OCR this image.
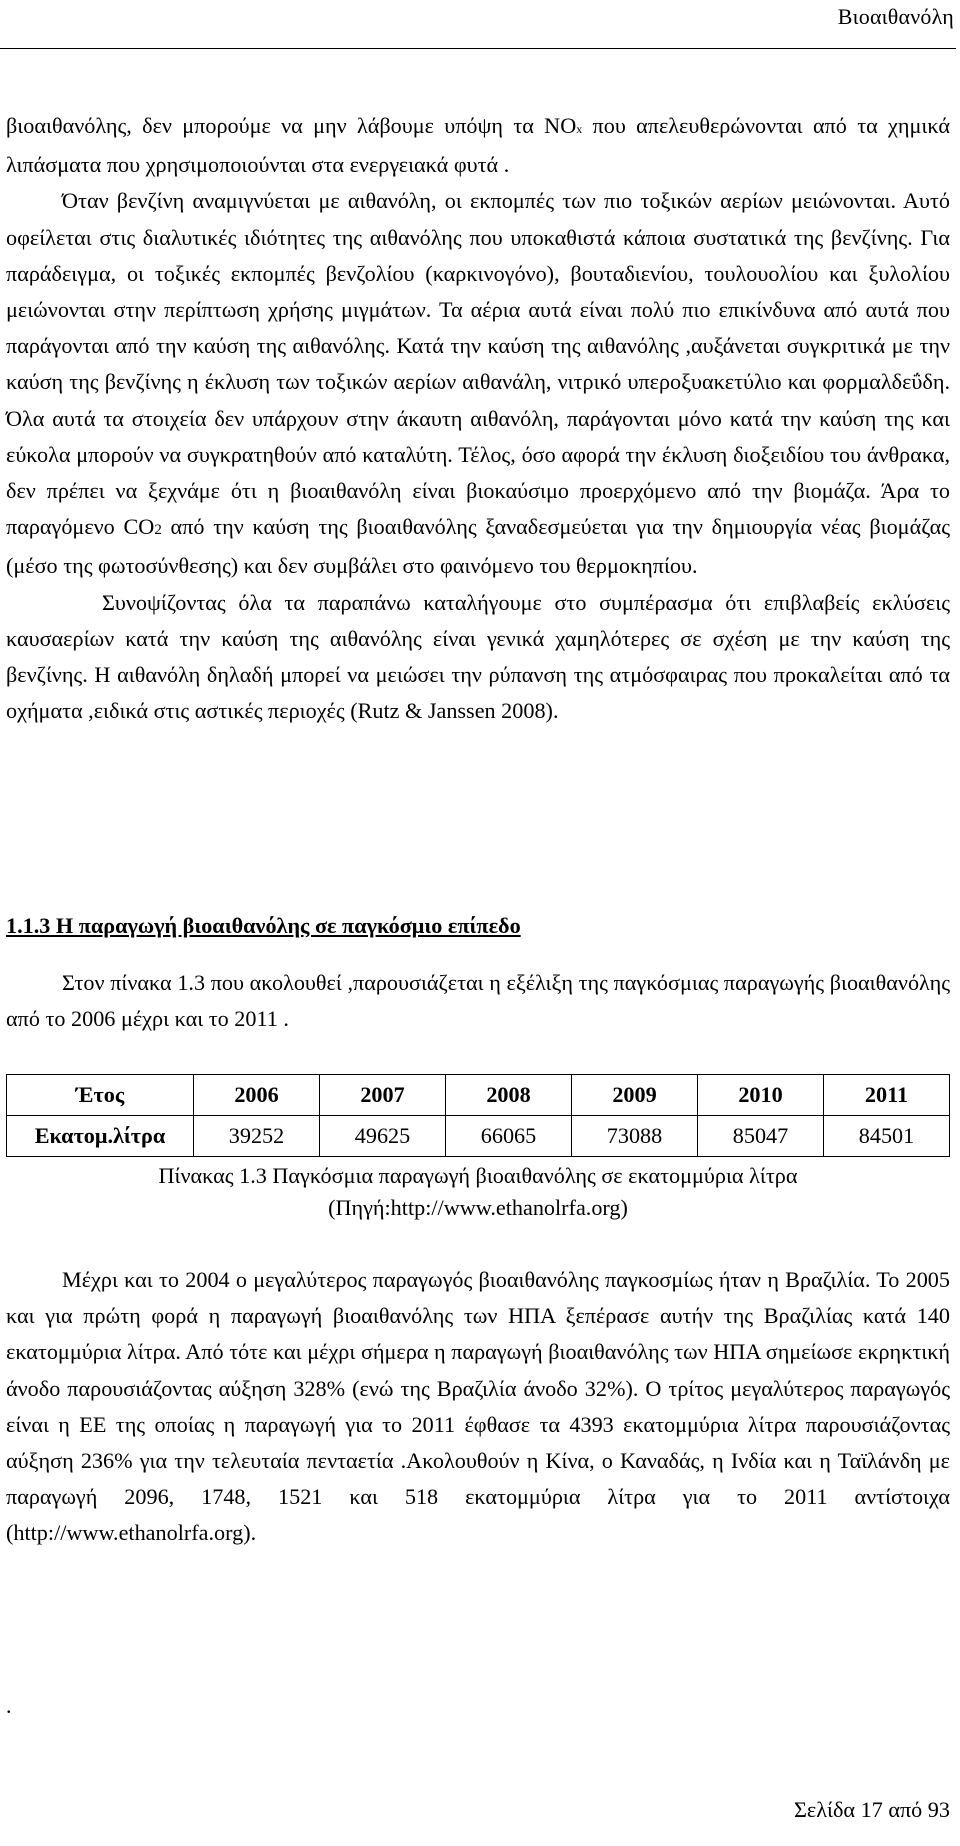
Βιοαιθανόλη

βιοαιθανόλης, δεν μπορούμε να μην λάβουμε υπόψη τα NOx που απελευθερώνονται από τα χημικά λιπάσματα που χρησιμοποιούνται στα ενεργειακά φυτά .

Όταν βενζίνη αναμιγνύεται με αιθανόλη, οι εκπομπές των πιο τοξικών αερίων μειώνονται. Αυτό οφείλεται στις διαλυτικές ιδιότητες της αιθανόλης που υποκαθιστά κάποια συστατικά της βενζίνης. Για παράδειγμα, οι τοξικές εκπομπές βενζολίου (καρκινογόνο), βουταδιενίου, τουλουολίου και ξυλολίου μειώνονται στην περίπτωση χρήσης μιγμάτων. Τα αέρια αυτά είναι πολύ πιο επικίνδυνα από αυτά που παράγονται από την καύση της αιθανόλης. Κατά την καύση της αιθανόλης ,αυξάνεται συγκριτικά με την καύση της βενζίνης η έκλυση των τοξικών αερίων αιθανάλη, νιτρικό υπεροξυακετύλιο και φορμαλδεΰδη. Όλα αυτά τα στοιχεία δεν υπάρχουν στην άκαυτη αιθανόλη, παράγονται μόνο κατά την καύση της και εύκολα μπορούν να συγκρατηθούν από καταλύτη. Τέλος, όσο αφορά την έκλυση διοξειδίου του άνθρακα, δεν πρέπει να ξεχνάμε ότι η βιοαιθανόλη είναι βιοκαύσιμο προερχόμενο από την βιομάζα. Άρα το παραγόμενο CO2 από την καύση της βιοαιθανόλης ξαναδεσμεύεται για την δημιουργία νέας βιομάζας (μέσο της φωτοσύνθεσης) και δεν συμβάλει στο φαινόμενο του θερμοκηπίου.

Συνοψίζοντας όλα τα παραπάνω καταλήγουμε στο συμπέρασμα ότι επιβλαβείς εκλύσεις καυσαερίων κατά την καύση της αιθανόλης είναι γενικά χαμηλότερες σε σχέση με την καύση της βενζίνης. Η αιθανόλη δηλαδή μπορεί να μειώσει την ρύπανση της ατμόσφαιρας που προκαλείται από τα οχήματα ,ειδικά στις αστικές περιοχές (Rutz & Janssen 2008).

1.1.3 Η παραγωγή βιοαιθανόλης σε παγκόσμιο επίπεδο

Στον πίνακα 1.3 που ακολουθεί ,παρουσιάζεται η εξέλιξη της παγκόσμιας παραγωγής βιοαιθανόλης από το 2006 μέχρι και το 2011 .

Έτος	2006	2007	2008	2009	2010	2011
Εκατομ.λίτρα	39252	49625	66065	73088	85047	84501
Πίνακας 1.3 Παγκόσμια παραγωγή βιοαιθανόλης σε εκατομμύρια λίτρα
(Πηγή:http://www.ethanolrfa.org)

Μέχρι και το 2004 ο μεγαλύτερος παραγωγός βιοαιθανόλης παγκοσμίως ήταν η Βραζιλία. Το 2005 και για πρώτη φορά η παραγωγή βιοαιθανόλης των ΗΠΑ ξεπέρασε αυτήν της Βραζιλίας κατά 140 εκατομμύρια λίτρα. Από τότε και μέχρι σήμερα η παραγωγή βιοαιθανόλης των ΗΠΑ σημείωσε εκρηκτική άνοδο παρουσιάζοντας αύξηση 328% (ενώ της Βραζιλία άνοδο 32%). Ο τρίτος μεγαλύτερος παραγωγός είναι η ΕΕ της οποίας η παραγωγή για το 2011 έφθασε τα 4393 εκατομμύρια λίτρα παρουσιάζοντας αύξηση 236% για την τελευταία πενταετία .Ακολουθούν η Κίνα, ο Καναδάς, η Ινδία και η Ταϊλάνδη με παραγωγή 2096, 1748, 1521 και 518 εκατομμύρια λίτρα για το 2011 αντίστοιχα (http://www.ethanolrfa.org).

.
Σελίδα 17 από 93
